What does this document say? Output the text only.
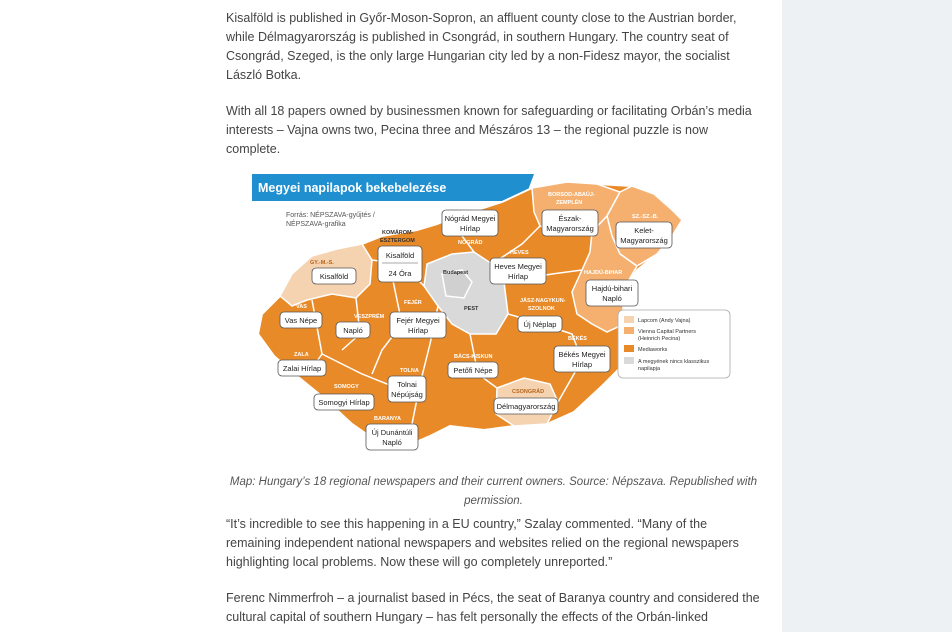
Kisalföld is published in Győr-Moson-Sopron, an affluent county close to the Austrian border, while Délmagyarország is published in Csongrád, in southern Hungary. The country seat of Csongrád, Szeged, is the only large Hungarian city led by a non-Fidesz mayor, the socialist László Botka.

With all 18 papers owned by businessmen known for safeguarding or facilitating Orbán’s media interests – Vajna owns two, Pecina three and Mészáros 13 – the regional puzzle is now complete.

Map: Hungary’s 18 regional newspapers and their current owners. Source: Népszava. Republished with permission.

“It’s incredible to see this happening in a EU country,” Szalay commented. “Many of the remaining independent national newspapers and websites relied on the regional newspapers highlighting local problems. Now these will go completely unreported.”

Ferenc Nimmerfroh – a journalist based in Pécs, the seat of Baranya country and considered the cultural capital of southern Hungary – has felt personally the effects of the Orbán-linked

Megyei napilapok bekebelezése
Forrás: NÉPSZAVA-gyűjtés /
NÉPSZAVA-grafika
GY.-M.-S.
KOMÁROM-
ESZTERGOM	NÓGRÁD
BORSOD-ABAÚJ-
ZEMPLÉN
SZ.-SZ.-B.
HEVES
HAJDÚ-BIHAR
Budapest
PEST
VAS
VESZPRÉM
FEJÉR	JÁSZ-NAGYKUN-
SZOLNOK
ZALA
SOMOGY
TOLNA
BÁCS-KISKUN
BÉKÉS
CSONGRÁD
BARANYA
Kisalföld
Kisalföld
24 Óra
Nógrád Megyei
Hírlap
Észak-
Magyarország	Kelet-
Magyarország
Heves Megyei
Hírlap
Hajdú-bihari
Napló
Vas Népe
Napló
Fejér Megyei
Hírlap
Új Néplap
Zalai Hírlap
Somogyi Hírlap
Tolnai
Népújság
Petőfi Népe
Békés Megyei
Hírlap
Délmagyarország
Új Dunántúli
Napló
Lapcom (Andy Vajna)
Vienna Capital Partners
(Heinrich Pecina)
Mediaworks
A megyének nincs klasszikus
napilapja
